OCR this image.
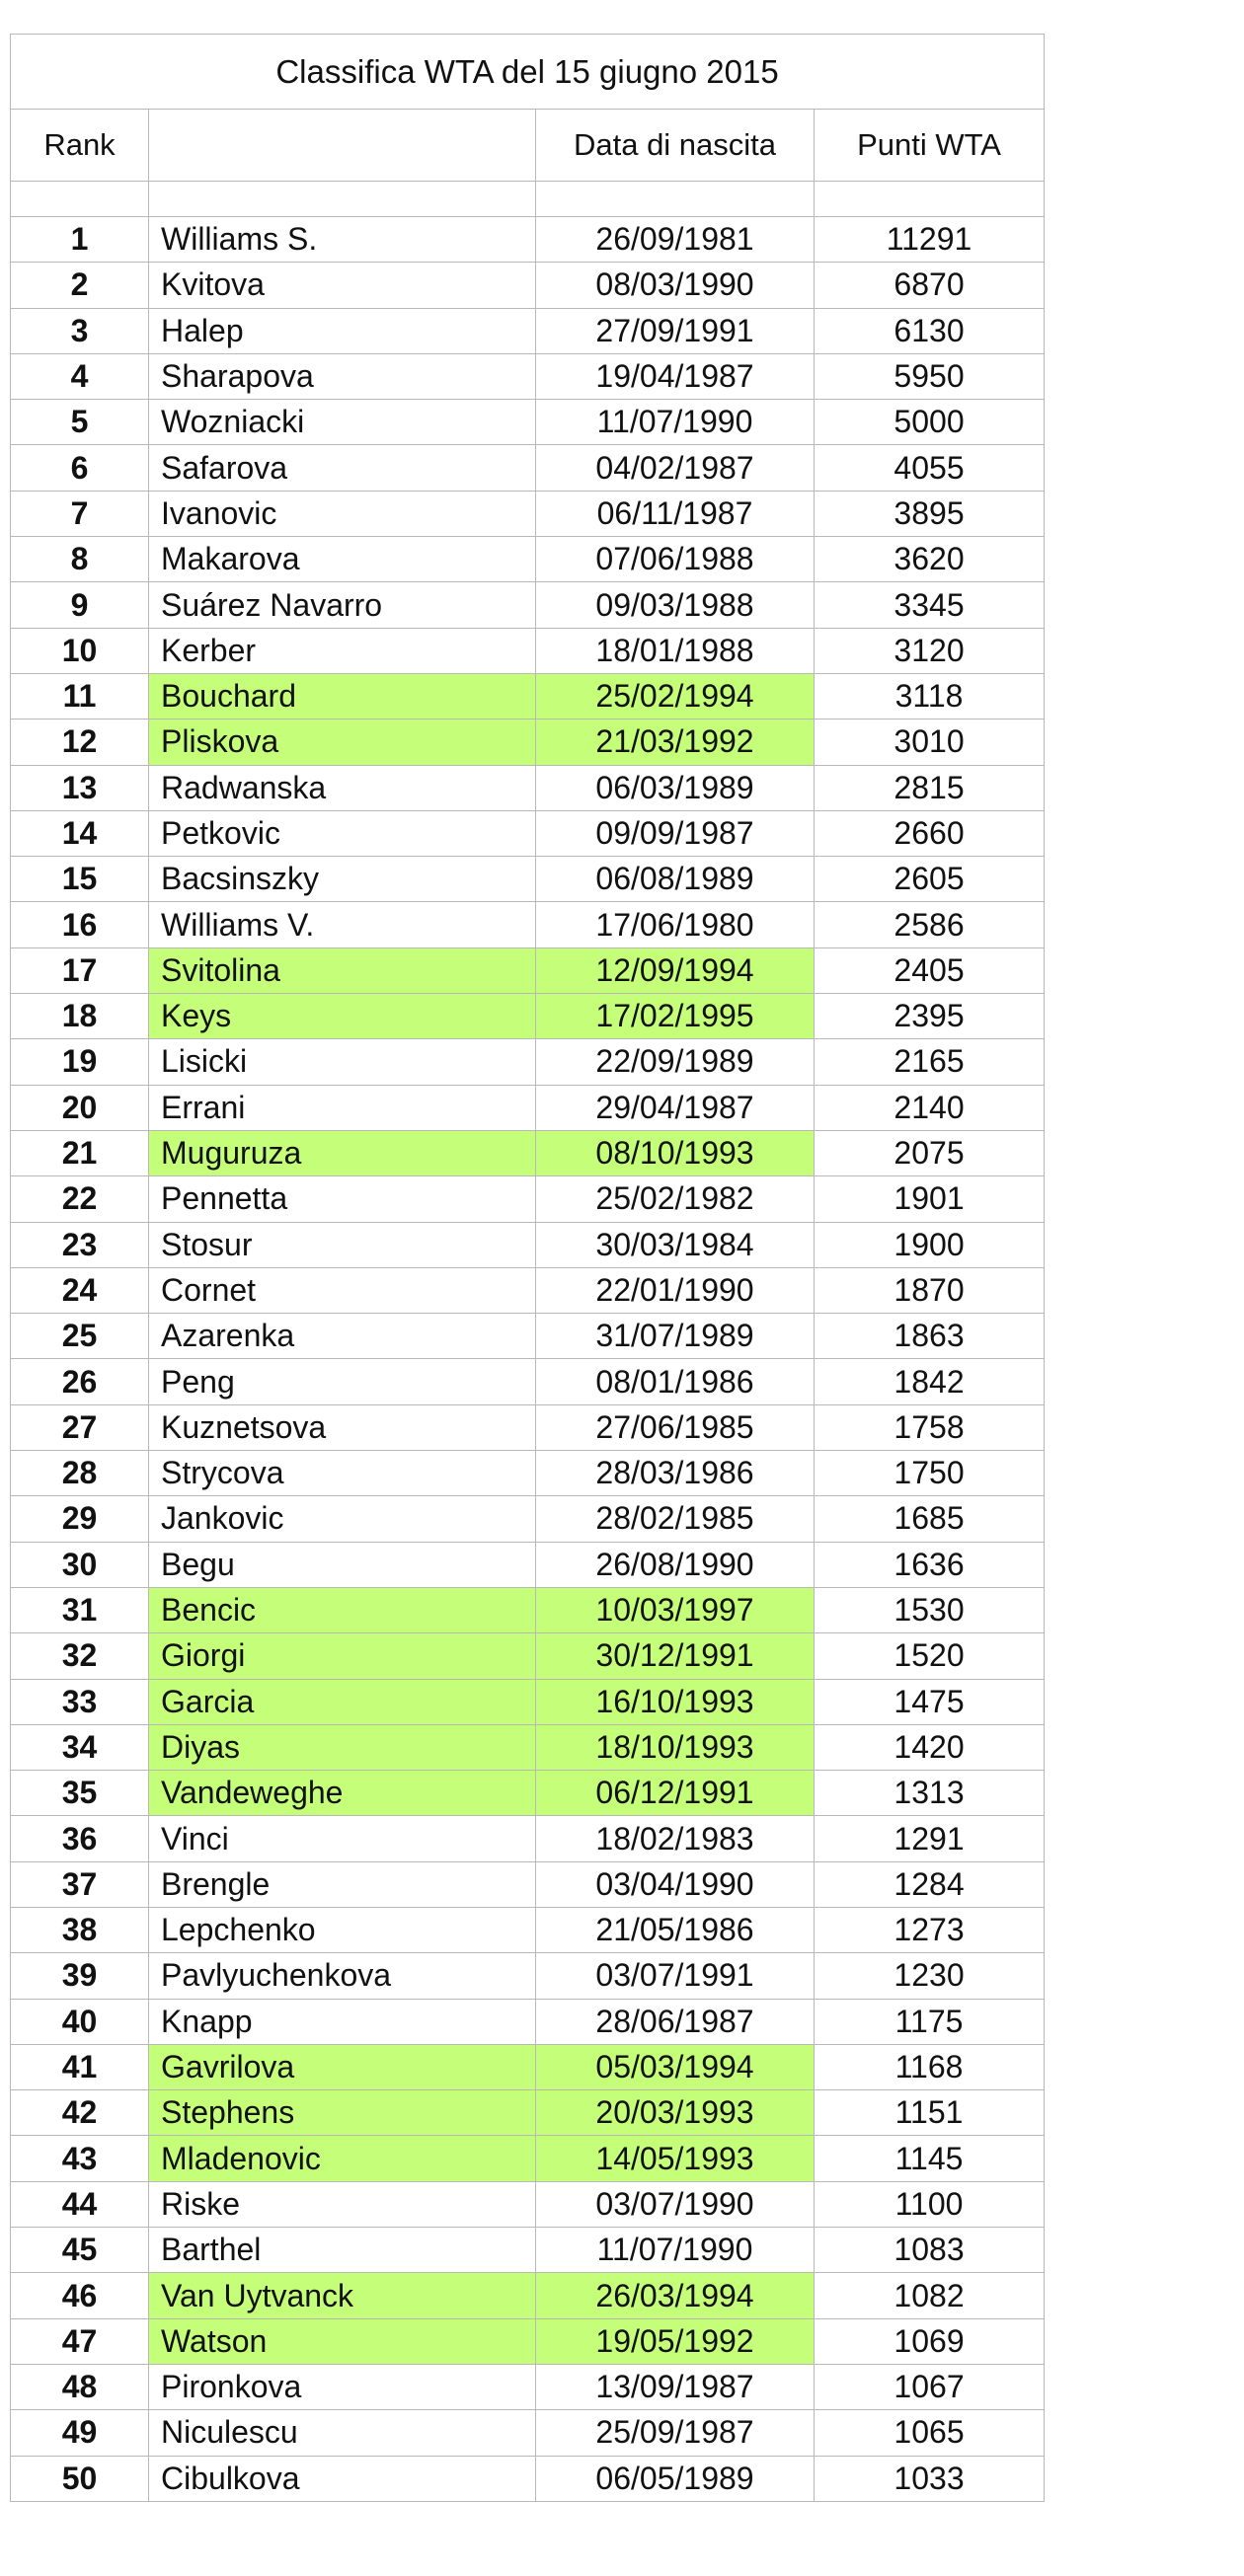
Classifica WTA del 15 giugno 2015			
Rank		Data di nascita	Punti WTA

1	Williams S.	26/09/1981	11291
2	Kvitova	08/03/1990	6870
3	Halep	27/09/1991	6130
4	Sharapova	19/04/1987	5950
5	Wozniacki	11/07/1990	5000
6	Safarova	04/02/1987	4055
7	Ivanovic	06/11/1987	3895
8	Makarova	07/06/1988	3620
9	Suárez Navarro	09/03/1988	3345
10	Kerber	18/01/1988	3120
11	Bouchard	25/02/1994	3118
12	Pliskova	21/03/1992	3010
13	Radwanska	06/03/1989	2815
14	Petkovic	09/09/1987	2660
15	Bacsinszky	06/08/1989	2605
16	Williams V.	17/06/1980	2586
17	Svitolina	12/09/1994	2405
18	Keys	17/02/1995	2395
19	Lisicki	22/09/1989	2165
20	Errani	29/04/1987	2140
21	Muguruza	08/10/1993	2075
22	Pennetta	25/02/1982	1901
23	Stosur	30/03/1984	1900
24	Cornet	22/01/1990	1870
25	Azarenka	31/07/1989	1863
26	Peng	08/01/1986	1842
27	Kuznetsova	27/06/1985	1758
28	Strycova	28/03/1986	1750
29	Jankovic	28/02/1985	1685
30	Begu	26/08/1990	1636
31	Bencic	10/03/1997	1530
32	Giorgi	30/12/1991	1520
33	Garcia	16/10/1993	1475
34	Diyas	18/10/1993	1420
35	Vandeweghe	06/12/1991	1313
36	Vinci	18/02/1983	1291
37	Brengle	03/04/1990	1284
38	Lepchenko	21/05/1986	1273
39	Pavlyuchenkova	03/07/1991	1230
40	Knapp	28/06/1987	1175
41	Gavrilova	05/03/1994	1168
42	Stephens	20/03/1993	1151
43	Mladenovic	14/05/1993	1145
44	Riske	03/07/1990	1100
45	Barthel	11/07/1990	1083
46	Van Uytvanck	26/03/1994	1082
47	Watson	19/05/1992	1069
48	Pironkova	13/09/1987	1067
49	Niculescu	25/09/1987	1065
50	Cibulkova	06/05/1989	1033
